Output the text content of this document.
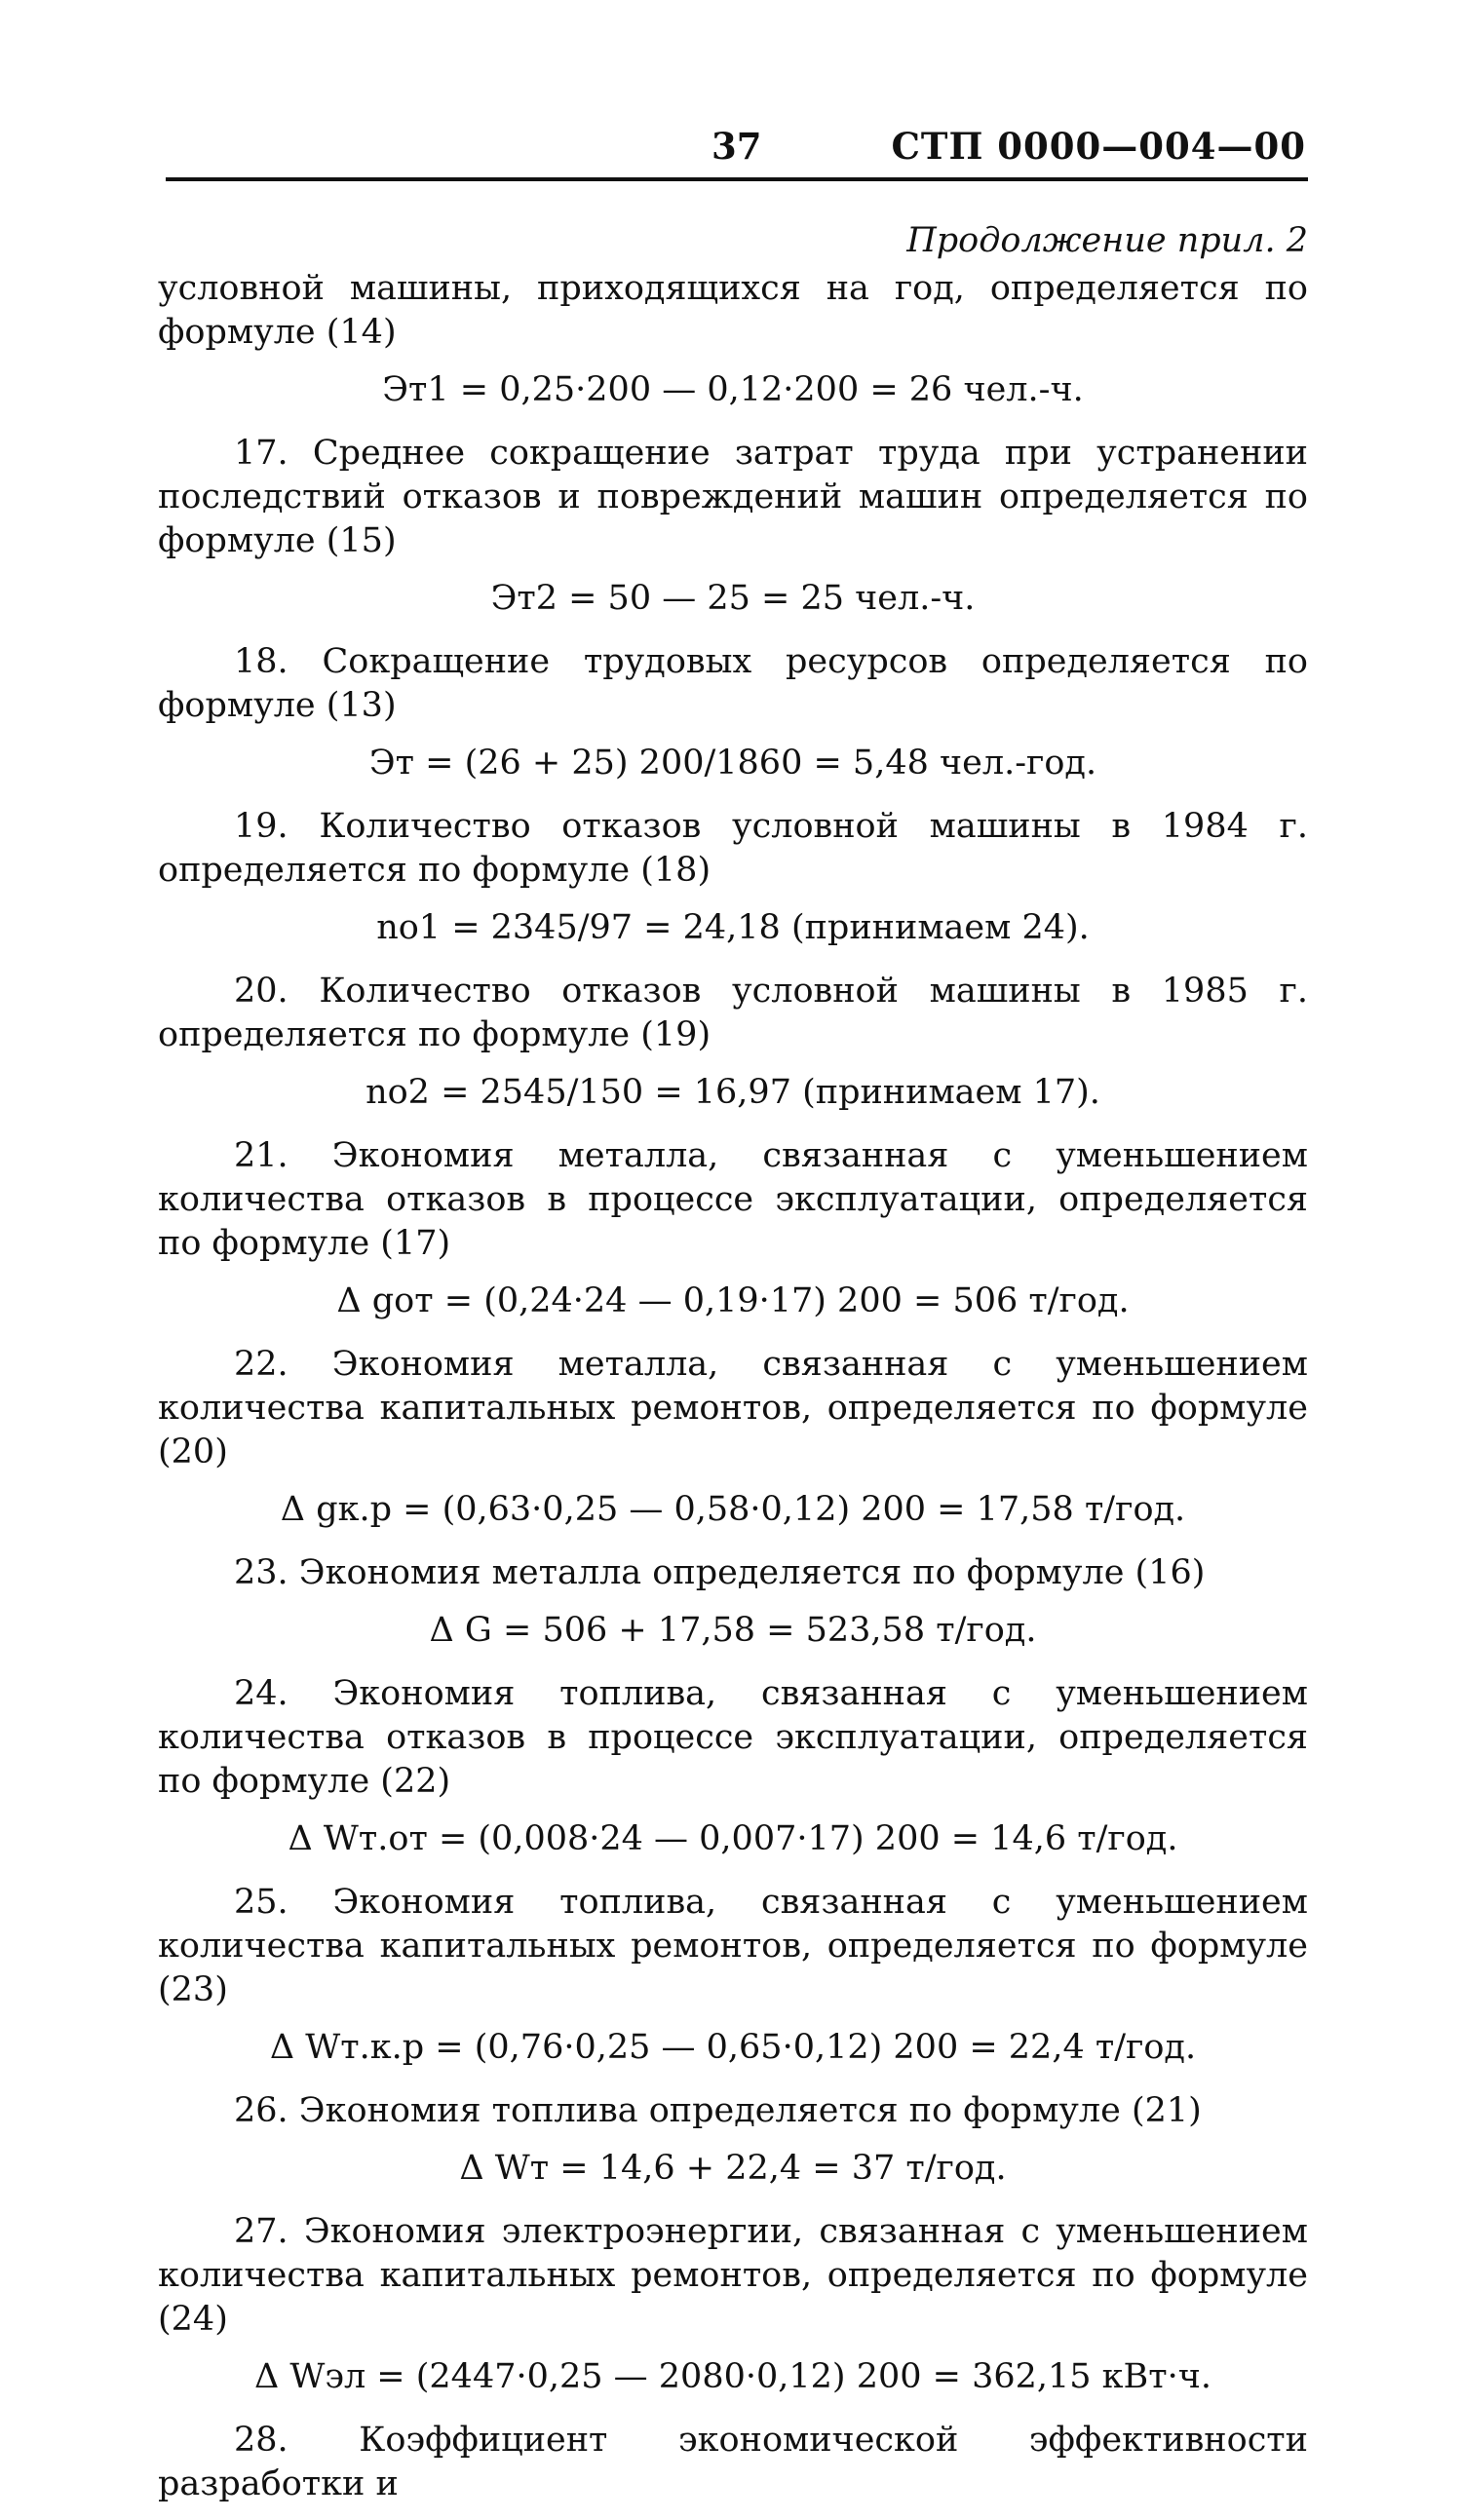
37	СТП 0000—004—00
Продолжение прил. 2
условной машины, приходящихся на год, определяется по формуле (14)
Эт1 = 0,25·200 — 0,12·200 = 26 чел.-ч.
17. Среднее сокращение затрат труда при устранении последствий отказов и повреждений машин определяется по формуле (15)
Эт2 = 50 — 25 = 25 чел.-ч.
18. Сокращение трудовых ресурсов определяется по формуле (13)
Эт = (26 + 25) 200/1860 = 5,48 чел.-год.
19. Количество отказов условной машины в 1984 г. определяется по формуле (18)
nо1 = 2345/97 = 24,18 (принимаем 24).
20. Количество отказов условной машины в 1985 г. определяется по формуле (19)
nо2 = 2545/150 = 16,97 (принимаем 17).
21. Экономия металла, связанная с уменьшением количества отказов в процессе эксплуатации, определяется по формуле (17)
Δ gот = (0,24·24 — 0,19·17) 200 = 506 т/год.
22. Экономия металла, связанная с уменьшением количества капитальных ремонтов, определяется по формуле (20)
Δ gк.р = (0,63·0,25 — 0,58·0,12) 200 = 17,58 т/год.
23. Экономия металла определяется по формуле (16)
Δ G = 506 + 17,58 = 523,58 т/год.
24. Экономия топлива, связанная с уменьшением количества отказов в процессе эксплуатации, определяется по формуле (22)
Δ Wт.от = (0,008·24 — 0,007·17) 200 = 14,6 т/год.
25. Экономия топлива, связанная с уменьшением количества капитальных ремонтов, определяется по формуле (23)
Δ Wт.к.р = (0,76·0,25 — 0,65·0,12) 200 = 22,4 т/год.
26. Экономия топлива определяется по формуле (21)
Δ Wт = 14,6 + 22,4 = 37 т/год.
27. Экономия электроэнергии, связанная с уменьшением количества капитальных ремонтов, определяется по формуле (24)
Δ Wэл = (2447·0,25 — 2080·0,12) 200 = 362,15 кВт·ч.
28. Коэффициент экономической эффективности разработки и
